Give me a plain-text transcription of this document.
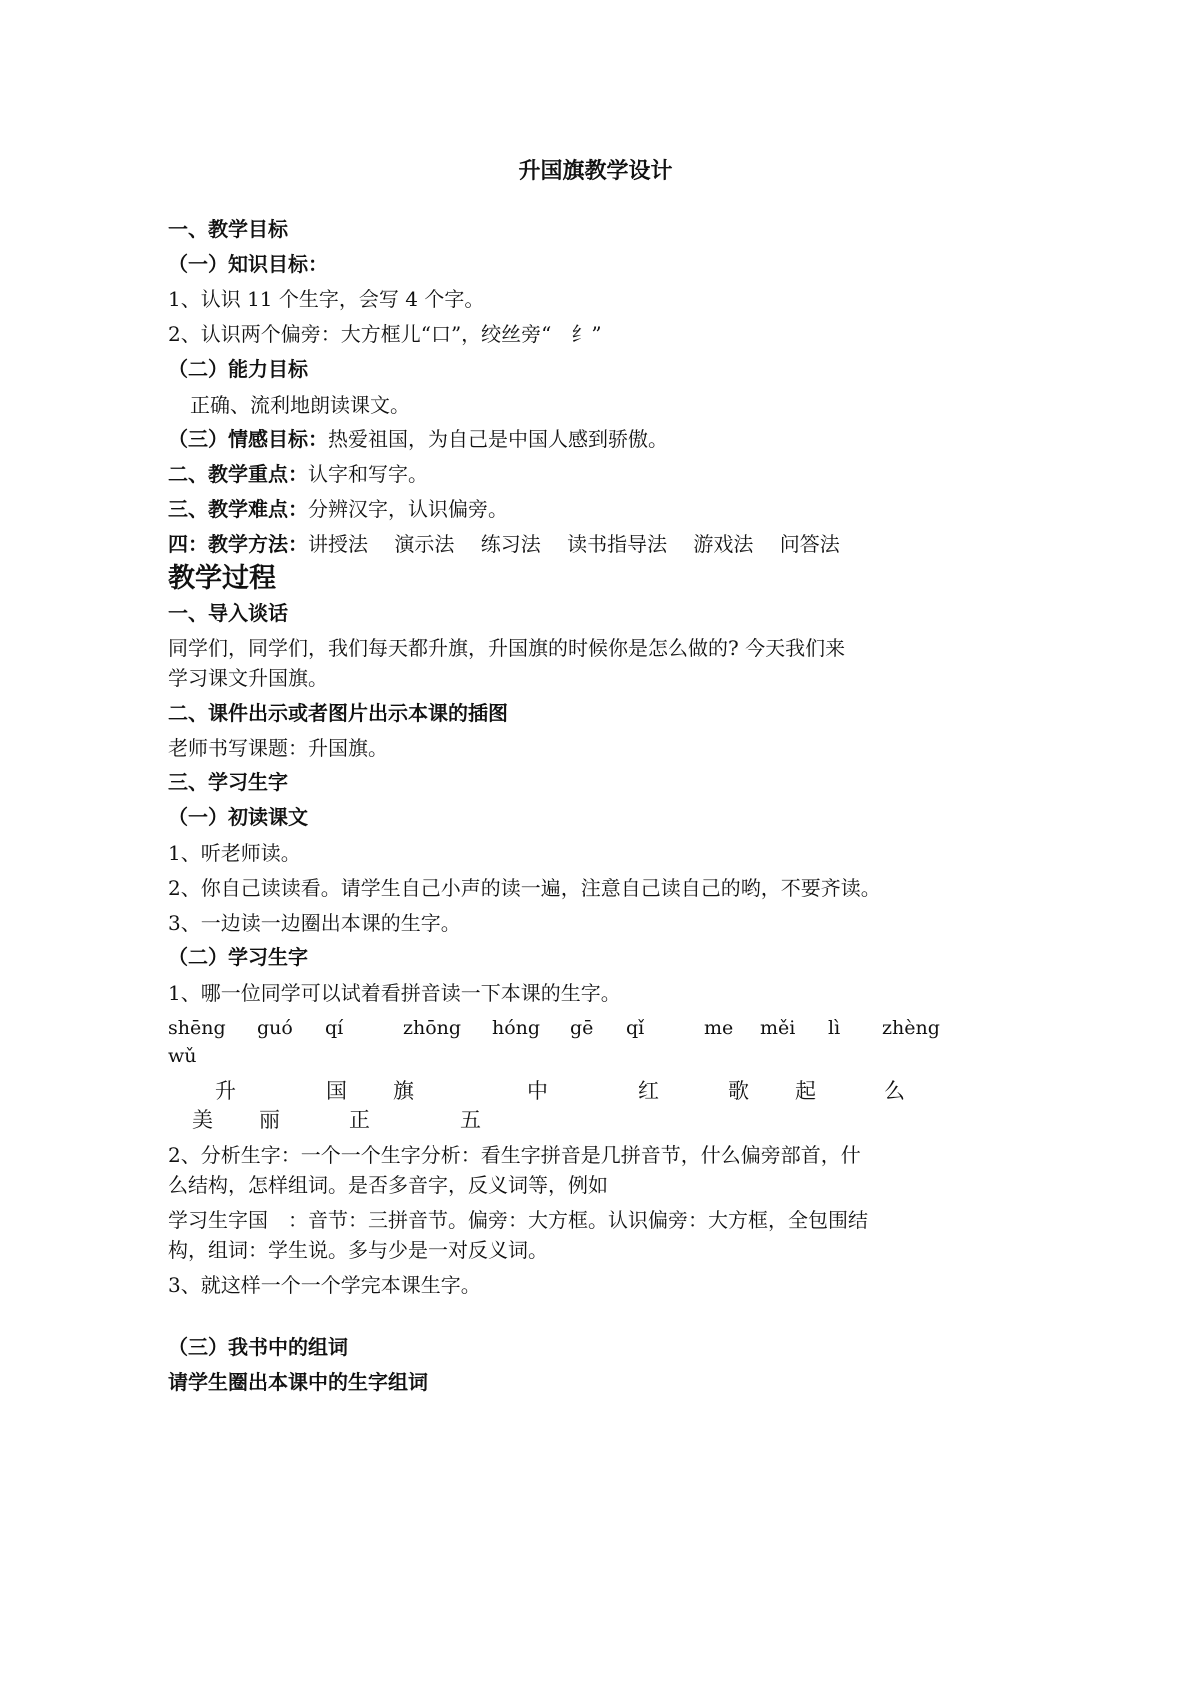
升国旗教学设计
一、教学目标
（一）知识目标：
1、认识 11 个生字，会写 4 个字。
2、认识两个偏旁：大方框儿“口”，绞丝旁“　纟”
（二）能力目标
正确、流利地朗读课文。
（三）情感目标：热爱祖国，为自己是中国人感到骄傲。
二、教学重点：认字和写字。
三、教学难点：分辨汉字，认识偏旁。
四：教学方法：讲授法　 演示法　 练习法　 读书指导法　 游戏法　 问答法
教学过程
一、导入谈话
同学们，同学们，我们每天都升旗，升国旗的时候你是怎么做的? 今天我们来
学习课文升国旗。
二、课件出示或者图片出示本课的插图
老师书写课题：升国旗。
三、学习生字
（一）初读课文
1、听老师读。
2、你自己读读看。请学生自己小声的读一遍，注意自己读自己的哟，不要齐读。
3、一边读一边圈出本课的生字。
（二）学习生字
1、哪一位同学可以试着看拼音读一下本课的生字。
shēng guó qí	zhōng hóng gē qǐ	me měi lì zhèng
wǔ
升	国 旗	中	红	歌 起	么
美 丽	正	五
2、分析生字：一个一个生字分析：看生字拼音是几拼音节，什么偏旁部首，什
么结构，怎样组词。是否多音字，反义词等，例如
学习生字国　：音节：三拼音节。偏旁：大方框。认识偏旁：大方框，全包围结
构，组词：学生说。多与少是一对反义词。
3、就这样一个一个学完本课生字。
（三）我书中的组词
请学生圈出本课中的生字组词
